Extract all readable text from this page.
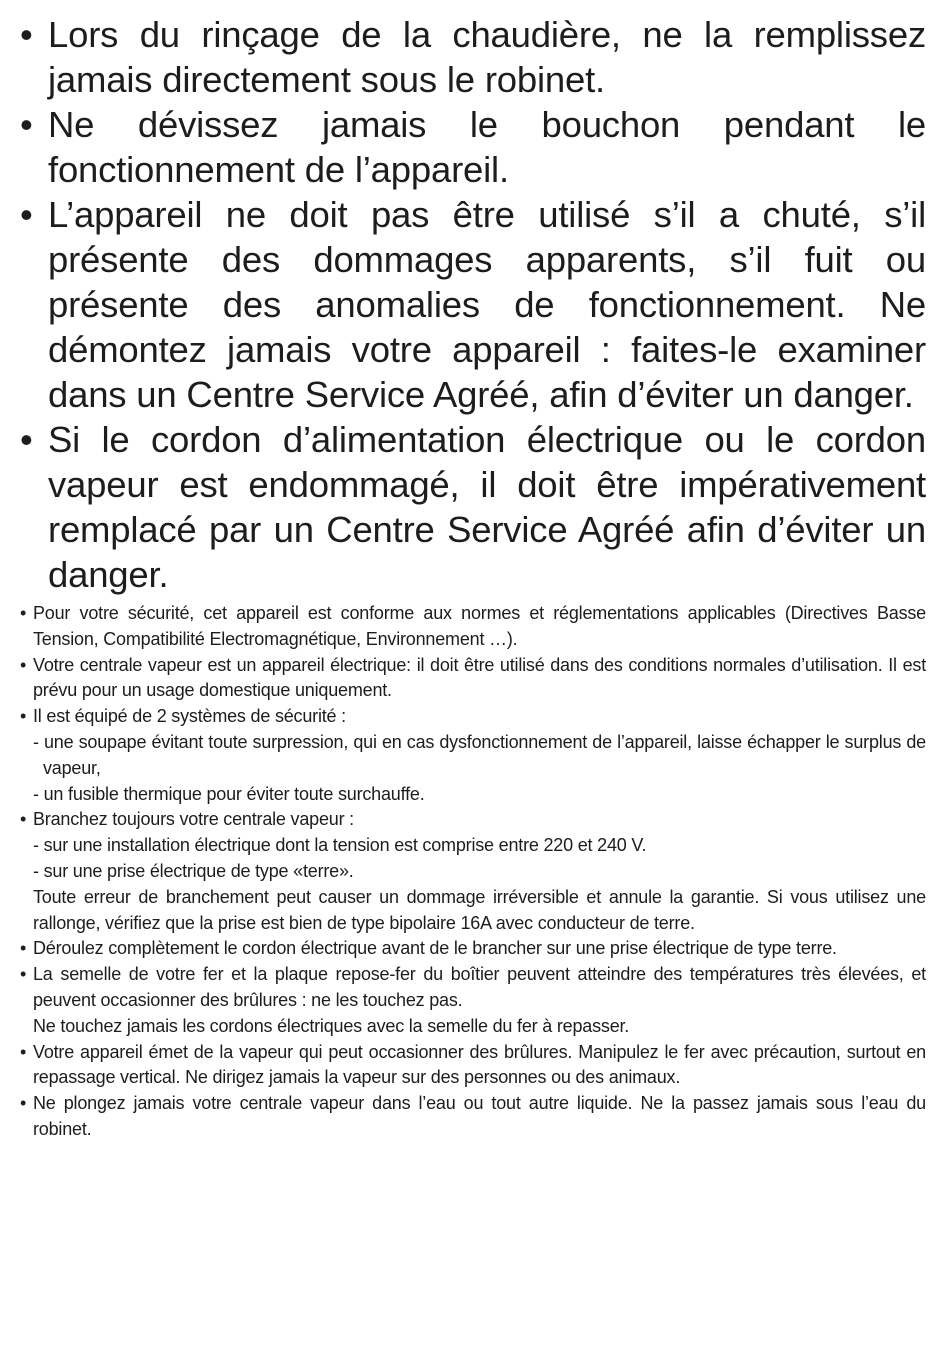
• Lors du rinçage de la chaudière, ne la remplissez jamais directement sous le robinet.
• Ne dévissez jamais le bouchon pendant le fonctionnement de l’appareil.
• L’appareil ne doit pas être utilisé s’il a chuté, s’il présente des dommages apparents, s’il fuit ou présente des anomalies de fonctionnement. Ne démontez jamais votre appareil : faites-le examiner dans un Centre Service Agréé, afin d’éviter un danger.
• Si le cordon d’alimentation électrique ou le cordon vapeur est endommagé, il doit être impérativement remplacé par un Centre Service Agréé afin d’éviter un danger.
• Pour votre sécurité, cet appareil est conforme aux normes et réglementations applicables (Directives Basse Tension, Compatibilité Electromagnétique, Environnement …).
• Votre centrale vapeur est un appareil électrique: il doit être utilisé dans des conditions normales d’utilisation. Il est prévu pour un usage domestique uniquement.
• Il est équipé de 2 systèmes de sécurité :
- une soupape évitant toute surpression, qui en cas dysfonctionnement de l’appareil, laisse échapper le surplus de vapeur,
- un fusible thermique pour éviter toute surchauffe.
• Branchez toujours votre centrale vapeur :
- sur une installation électrique dont la tension est comprise entre 220 et 240 V.
- sur une prise électrique de type «terre».
Toute erreur de branchement peut causer un dommage irréversible et annule la garantie. Si vous utilisez une rallonge, vérifiez que la prise est bien de type bipolaire 16A avec conducteur de terre.
• Déroulez complètement le cordon électrique avant de le brancher sur une prise électrique de type terre.
• La semelle de votre fer et la plaque repose-fer du boîtier peuvent atteindre des températures très élevées, et peuvent occasionner des brûlures : ne les touchez pas.
Ne touchez jamais les cordons électriques avec la semelle du fer à repasser.
• Votre appareil émet de la vapeur qui peut occasionner des brûlures. Manipulez le fer avec précaution, surtout en repassage vertical. Ne dirigez jamais la vapeur sur des personnes ou des animaux.
• Ne plongez jamais votre centrale vapeur dans l’eau ou tout autre liquide. Ne la passez jamais sous l’eau du robinet.
